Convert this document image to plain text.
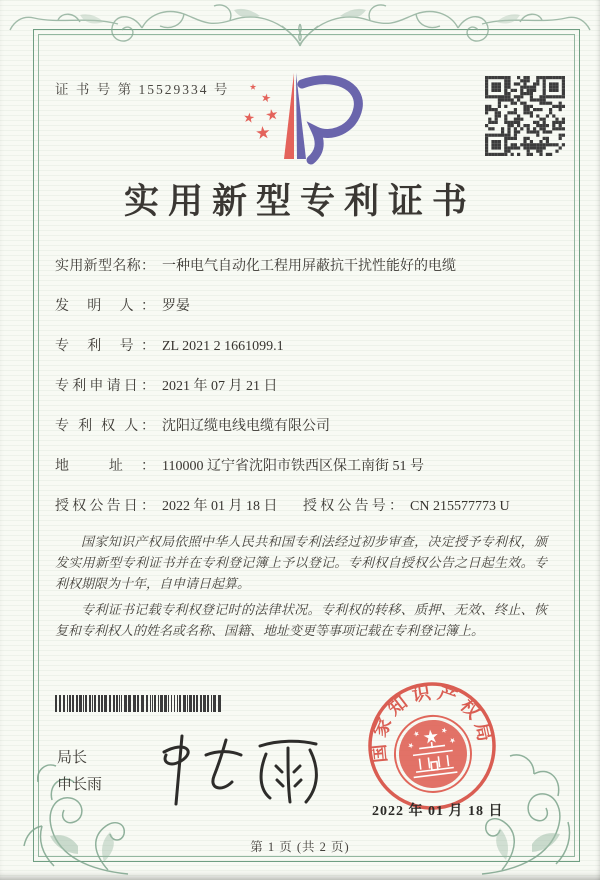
证 书 号 第 15529334 号
实用新型专利证书
实用新型名称： 一种电气自动化工程用屏蔽抗干扰性能好的电缆
发 明 人： 罗晏
专 利 号： ZL 2021 2 1661099.1
专利申请日： 2021 年 07 月 21 日
专 利 权 人： 沈阳辽缆电线电缆有限公司
地 址： 110000 辽宁省沈阳市铁西区保工南街 51 号
授权公告日： 2022 年 01 月 18 日 授权公告号： CN 215577773 U

国家知识产权局依照中华人民共和国专利法经过初步审查，决定授予专利权，颁发实用新型专利证书并在专利登记簿上予以登记。专利权自授权公告之日起生效。专利权期限为十年，自申请日起算。

专利证书记载专利权登记时的法律状况。专利权的转移、质押、无效、终止、恢复和专利权人的姓名或名称、国籍、地址变更等事项记载在专利登记簿上。

局长
申长雨
国家知识产权局
2022 年 01 月 18 日
第 1 页 (共 2 页)
